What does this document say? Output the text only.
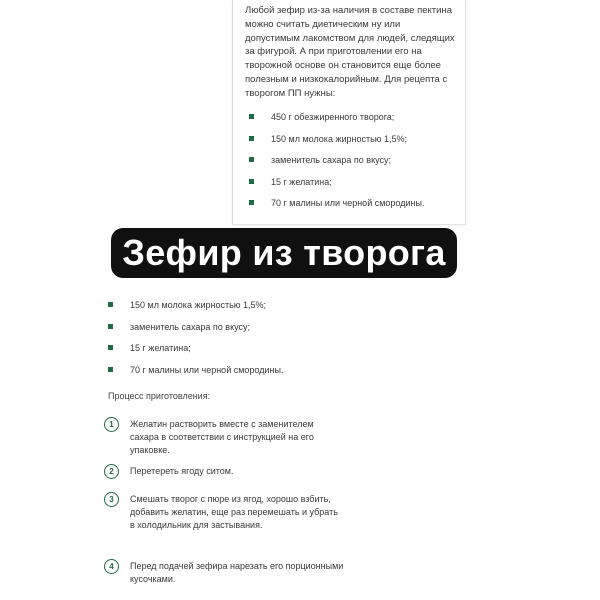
Любой зефир из-за наличия в составе пектина можно считать диетическим ну или допустимым лакомством для людей, следящих за фигурой. А при приготовлении его на творожной основе он становится еще более полезным и низкокалорийным. Для рецепта с творогом ПП нужны:

450 г обезжиренного творога;
150 мл молока жирностью 1,5%;
заменитель сахара по вкусу;
15 г желатина;
70 г малины или черной смородины.
Зефир из творога
150 мл молока жирностью 1,5%;
заменитель сахара по вкусу;
15 г желатина;
70 г малины или черной смородины.

Процесс приготовления:

1	Желатин растворить вместе с заменителем сахара в соответствии с инструкцией на его упаковке.
2	Перетереть ягоду ситом.
3	Смешать творог с пюре из ягод, хорошо взбить, добавить желатин, еще раз перемешать и убрать в холодильник для застывания.
4	Перед подачей зефира нарезать его порционными кусочками.
